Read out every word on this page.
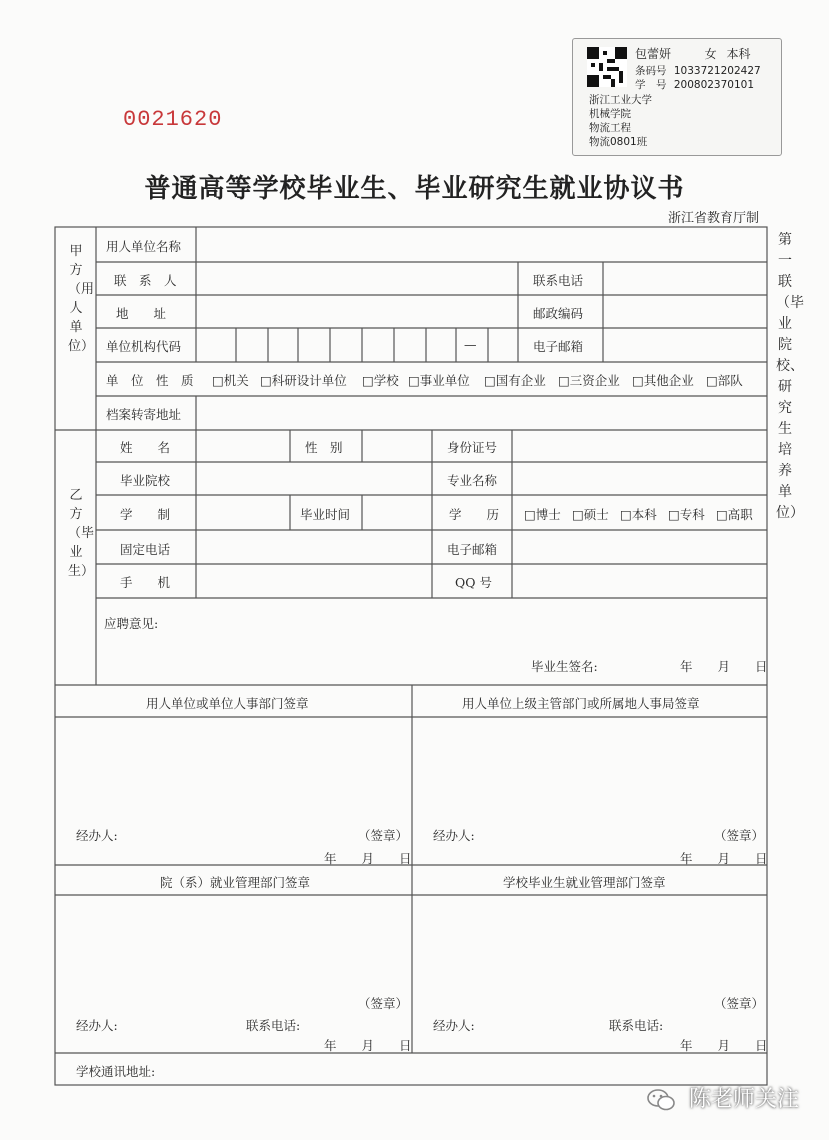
0021620
包蕾妍	女 本科
条码号 1033721202427
学　号 200802370101
浙江工业大学
机械学院
物流工程
物流0801班
普通高等学校毕业生、毕业研究生就业协议书
浙江省教育厅制
第一联（毕业院校、研究生培养单位）
甲方（用人单位）
用人单位名称
联　系　人	联系电话
地　　址	邮政编码
单位机构代码	—	电子邮箱
单　位　性　质 □机关 □科研设计单位 □学校 □事业单位 □国有企业 □三资企业 □其他企业 □部队
档案转寄地址
乙方（毕业生）
姓　　名	性　别	身份证号
毕业院校	专业名称
学　　制	毕业时间	学　　历 □博士 □硕士 □本科 □专科 □高职
固定电话	电子邮箱
手　　机	QQ 号
应聘意见:
毕业生签名:	年　　月　　日
用人单位或单位人事部门签章	用人单位上级主管部门或所属地人事局签章
经办人:	（签章）
年　　月　　日
经办人:	（签章）
年　　月　　日
院（系）就业管理部门签章	学校毕业生就业管理部门签章
（签章）
经办人:	联系电话:
年　　月　　日
（签章）
经办人:	联系电话:
年　　月　　日
学校通讯地址:
陈老师关注
